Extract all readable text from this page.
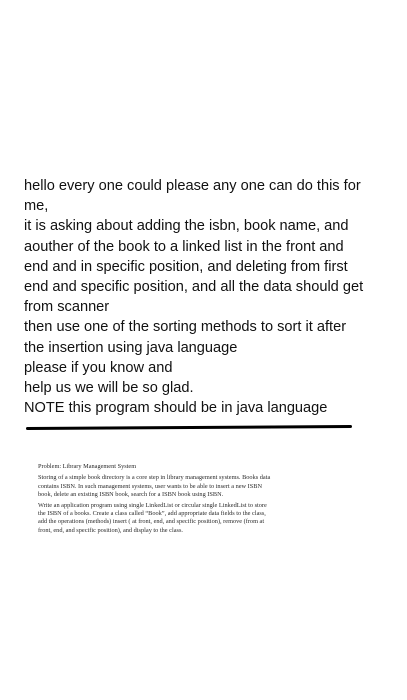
hello every one could please any one can do this for
me,
it is asking about adding the isbn, book name, and
aouther of the book to a linked list in the front and
end and in specific position, and deleting from first
end and specific position, and all the data should get
from scanner
then use one of the sorting methods to sort it after
the insertion using java language
please if you know and
help us we will be so glad.
NOTE this program should be in java language
Problem: Library Management System
Storing of a simple book directory is a core step in library management systems. Books data
contains ISBN. In such management systems, user wants to be able to insert a new ISBN
book, delete an existing ISBN book, search for a ISBN book using ISBN.
Write an application program using single LinkedList or circular single LinkedList to store
the ISBN of a books. Create a class called “Book”, add appropriate data fields to the class,
add the operations (methods) insert ( at front, end, and specific position), remove (from at
front, end, and specific position), and display to the class.
